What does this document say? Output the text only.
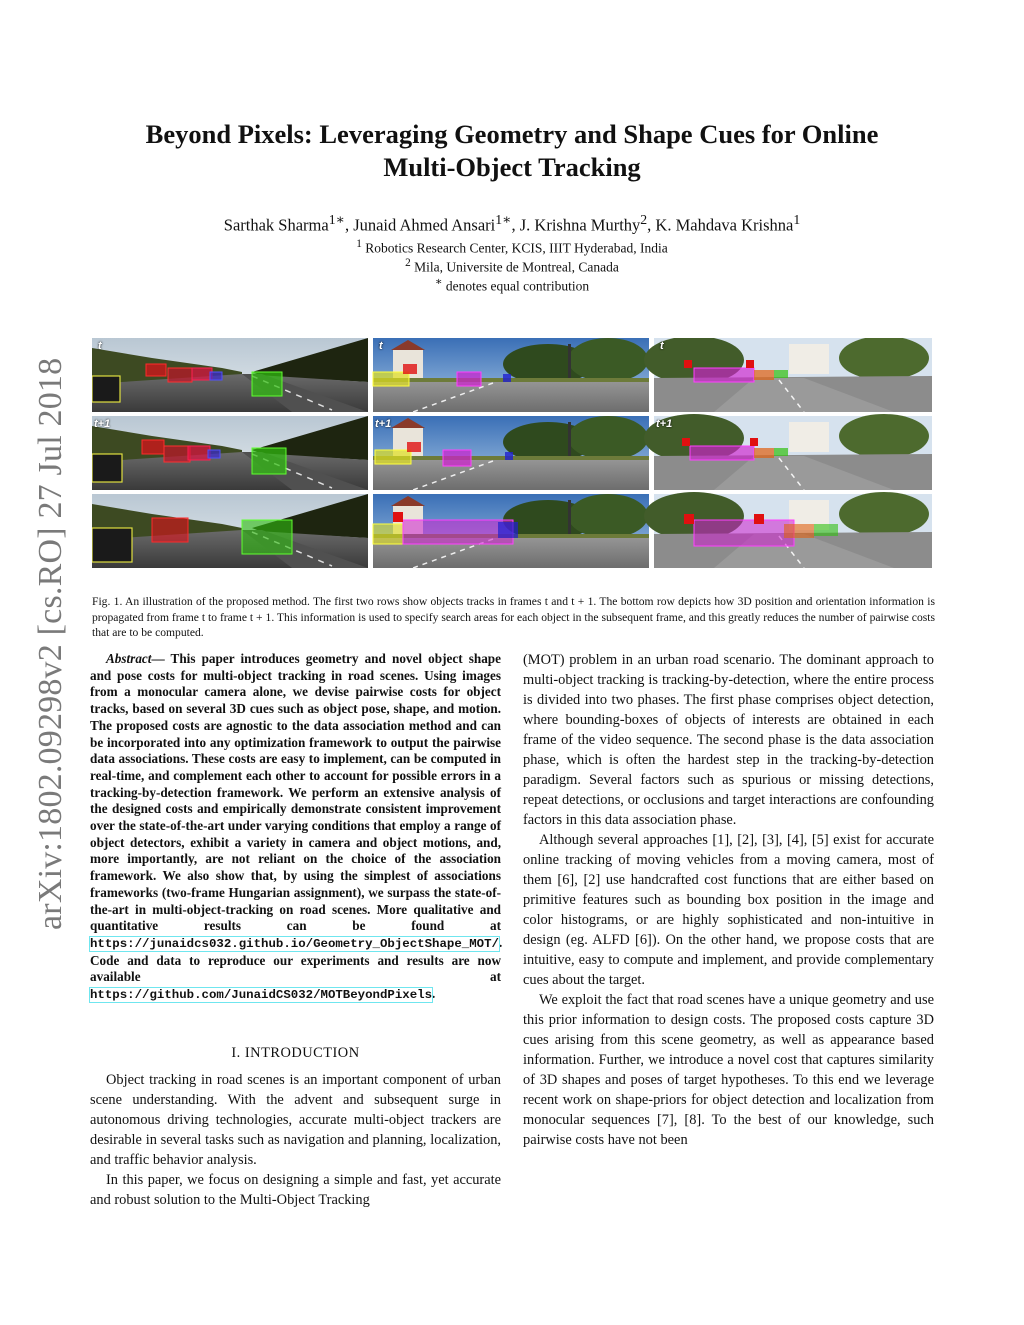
arXiv:1802.09298v2 [cs.RO] 27 Jul 2018
Beyond Pixels: Leveraging Geometry and Shape Cues for Online
Multi-Object Tracking
Sarthak Sharma$^{1∗}$, Junaid Ahmed Ansari$^{1∗}$, J. Krishna Murthy$^2$, K. Mahdava Krishna$^1$
$^1$ Robotics Research Center, KCIS, IIIT Hyderabad, India
$^2$ Mila, Universite de Montreal, Canada
∗ denotes equal contribution
t	t	t
t+1	t+1	t+1
Fig. 1. An illustration of the proposed method. The first two rows show objects tracks in frames t and t + 1. The bottom row depicts how 3D position and orientation information is propagated from frame t to frame t + 1. This information is used to specify search areas for each object in the subsequent frame, and this greatly reduces the number of pairwise costs that are to be computed.

Abstract— This paper introduces geometry and novel object shape and pose costs for multi-object tracking in road scenes. Using images from a monocular camera alone, we devise pairwise costs for object tracks, based on several 3D cues such as object pose, shape, and motion. The proposed costs are agnostic to the data association method and can be incorporated into any optimization framework to output the pairwise data associations. These costs are easy to implement, can be computed in real-time, and complement each other to account for possible errors in a tracking-by-detection framework. We perform an extensive analysis of the designed costs and empirically demonstrate consistent improvement over the state-of-the-art under varying conditions that employ a range of object detectors, exhibit a variety in camera and object motions, and, more importantly, are not reliant on the choice of the association framework. We also show that, by using the simplest of associations frameworks (two-frame Hungarian assignment), we surpass the state-of-the-art in multi-object-tracking on road scenes. More qualitative and quantitative results can be found at https://junaidcs032.github.io/Geometry_ObjectShape_MOT/. Code and data to reproduce our experiments and results are now available at https://github.com/JunaidCS032/MOTBeyondPixels.

I. INTRODUCTION

Object tracking in road scenes is an important component of urban scene understanding. With the advent and subsequent surge in autonomous driving technologies, accurate multi-object trackers are desirable in several tasks such as navigation and planning, localization, and traffic behavior analysis.

In this paper, we focus on designing a simple and fast, yet accurate and robust solution to the Multi-Object Tracking

(MOT) problem in an urban road scenario. The dominant approach to multi-object tracking is tracking-by-detection, where the entire process is divided into two phases. The first phase comprises object detection, where bounding-boxes of objects of interests are obtained in each frame of the video sequence. The second phase is the data association phase, which is often the hardest step in the tracking-by-detection paradigm. Several factors such as spurious or missing detections, repeat detections, or occlusions and target interactions are confounding factors in this data association phase.

Although several approaches [1], [2], [3], [4], [5] exist for accurate online tracking of moving vehicles from a moving camera, most of them [6], [2] use handcrafted cost functions that are either based on primitive features such as bounding box position in the image and color histograms, or are highly sophisticated and non-intuitive in design (eg. ALFD [6]). On the other hand, we propose costs that are intuitive, easy to compute and implement, and provide complementary cues about the target.

We exploit the fact that road scenes have a unique geometry and use this prior information to design costs. The proposed costs capture 3D cues arising from this scene geometry, as well as appearance based information. Further, we introduce a novel cost that captures similarity of 3D shapes and poses of target hypotheses. To this end we leverage recent work on shape-priors for object detection and localization from monocular sequences [7], [8]. To the best of our knowledge, such pairwise costs have not been
